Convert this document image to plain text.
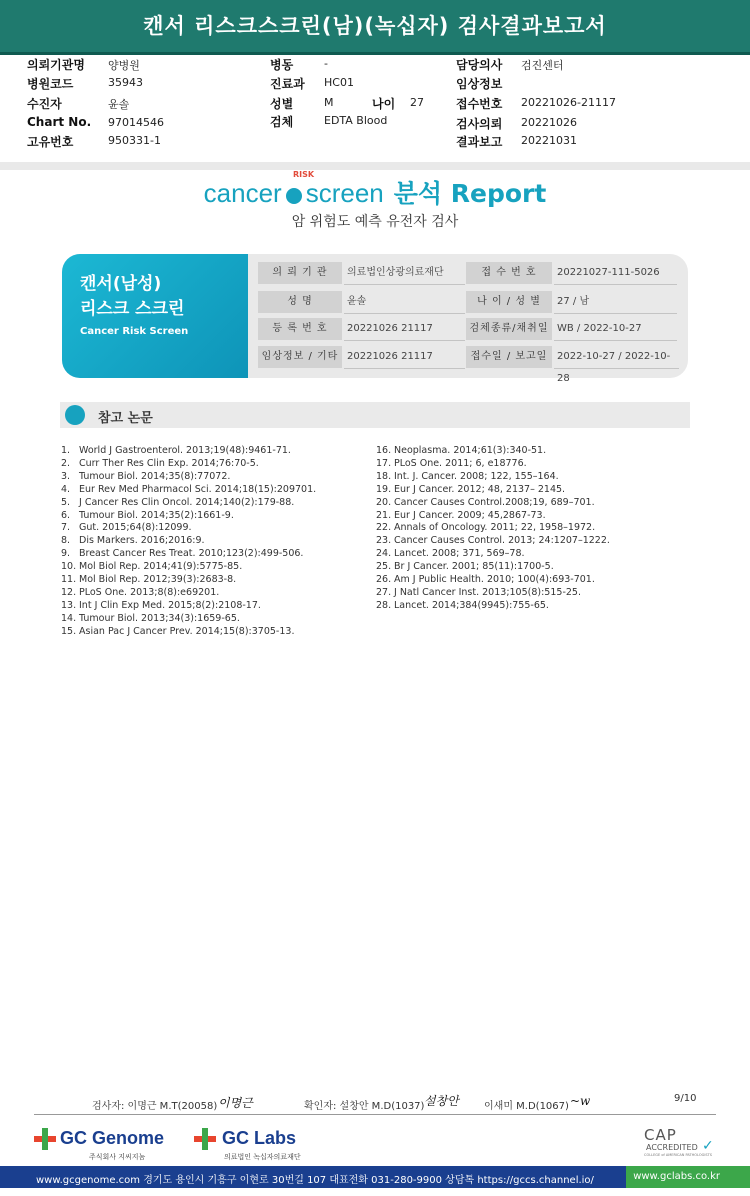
캔서 리스크스크린(남)(녹십자) 검사결과보고서
의뢰기관명 양병원
병원코드	35943
수진자	윤솔
Chart No. 97014546
고유번호	950331-1
병동	-
진료과 HC01
성별	M	나이 27
검체	EDTA Blood
담당의사 검진센터
임상정보
접수번호 20221026-21117
검사의뢰 20221026
결과보고 20221031
RISK
cancer screen 분석 Report
암 위험도 예측 유전자 검사
캔서(남성)
리스크 스크린
Cancer Risk Screen
의 뢰 기 관	의료법인상광의료재단	접 수 번 호	20221027-111-5026
성 명	윤솔	나 이 / 성 별	27 / 남
등 록 번 호	20221026 21117	검체종류/채취일 WB / 2022-10-27
임상정보 / 기타 20221026 21117	접수일 / 보고일 2022-10-27 / 2022-10-28
참고 논문
1. World J Gastroenterol. 2013;19(48):9461-71.
2. Curr Ther Res Clin Exp. 2014;76:70-5.
3. Tumour Biol. 2014;35(8):77072.
4. Eur Rev Med Pharmacol Sci. 2014;18(15):209701.
5. J Cancer Res Clin Oncol. 2014;140(2):179-88.
6. Tumour Biol. 2014;35(2):1661-9.
7. Gut. 2015;64(8):12099.
8. Dis Markers. 2016;2016:9.
9. Breast Cancer Res Treat. 2010;123(2):499-506.
10. Mol Biol Rep. 2014;41(9):5775-85.
11. Mol Biol Rep. 2012;39(3):2683-8.
12. PLoS One. 2013;8(8):e69201.
13. Int J Clin Exp Med. 2015;8(2):2108-17.
14. Tumour Biol. 2013;34(3):1659-65.
15. Asian Pac J Cancer Prev. 2014;15(8):3705-13.
16. Neoplasma. 2014;61(3):340-51.
17. PLoS One. 2011; 6, e18776.
18. Int. J. Cancer. 2008; 122, 155–164.
19. Eur J Cancer. 2012; 48, 2137– 2145.
20. Cancer Causes Control.2008;19, 689–701.
21. Eur J Cancer. 2009; 45,2867-73.
22. Annals of Oncology. 2011; 22, 1958–1972.
23. Cancer Causes Control. 2013; 24:1207–1222.
24. Lancet. 2008; 371, 569–78.
25. Br J Cancer. 2001; 85(11):1700-5.
26. Am J Public Health. 2010; 100(4):693-701.
27. J Natl Cancer Inst. 2013;105(8):515-25.
28. Lancet. 2014;384(9945):755-65.
검사자: 이명근 M.T(20058) 이명근	확인자: 설창안 M.D(1037) 설창안	이새미 M.D(1067) ~w	9/10
GC Genome
주식회사 지씨지놈
GC Labs
의료법인 녹십자의료재단
CAP
ACCREDITED ✓
COLLEGE of AMERICAN PATHOLOGISTS
www.gcgenome.com 경기도 용인시 기흥구 이현로 30번길 107 대표전화 031-280-9900 상담톡 https://gccs.channel.io/	www.gclabs.co.kr
